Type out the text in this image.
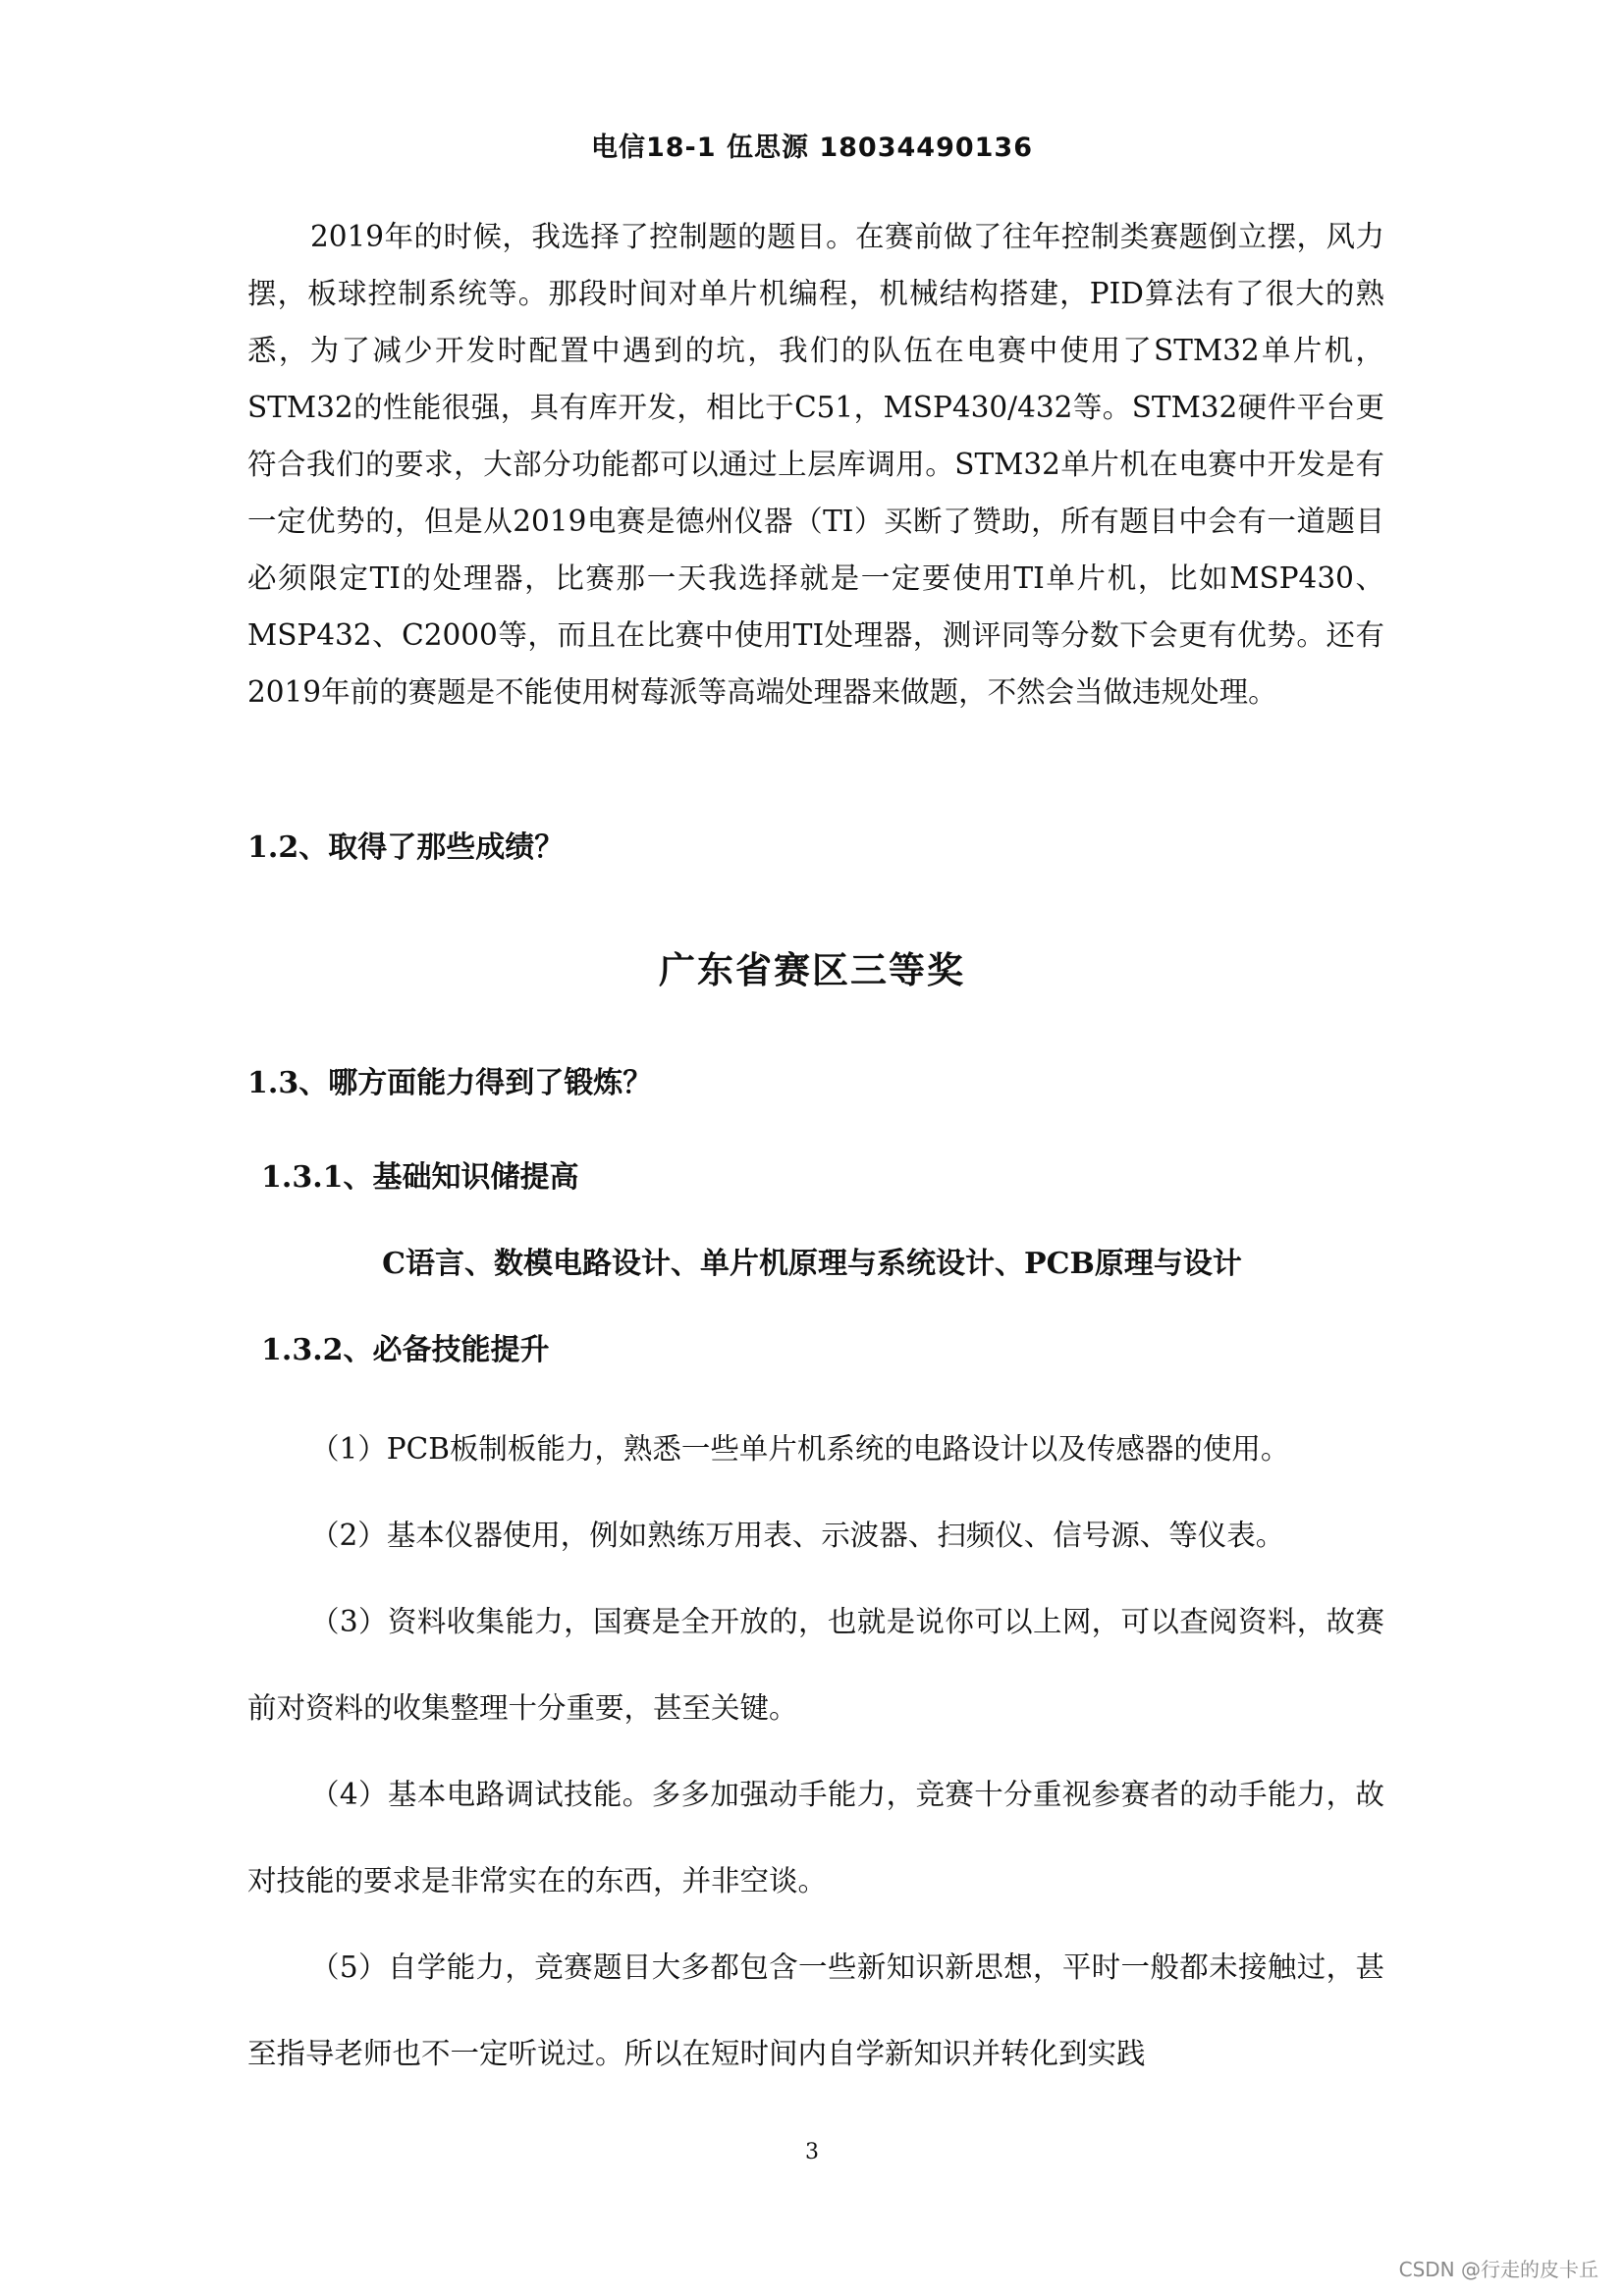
电信18-1 伍思源 18034490136

2019年的时候，我选择了控制题的题目。在赛前做了往年控制类赛题倒立摆，风力摆，板球控制系统等。那段时间对单片机编程，机械结构搭建，PID算法有了很大的熟悉，为了减少开发时配置中遇到的坑，我们的队伍在电赛中使用了STM32单片机，STM32的性能很强，具有库开发，相比于C51，MSP430/432等。STM32硬件平台更符合我们的要求，大部分功能都可以通过上层库调用。STM32单片机在电赛中开发是有一定优势的，但是从2019电赛是德州仪器（TI）买断了赞助，所有题目中会有一道题目必须限定TI的处理器，比赛那一天我选择就是一定要使用TI单片机，比如MSP430、MSP432、C2000等，而且在比赛中使用TI处理器，测评同等分数下会更有优势。还有2019年前的赛题是不能使用树莓派等高端处理器来做题，不然会当做违规处理。

1.2、取得了那些成绩？
广东省赛区三等奖
1.3、哪方面能力得到了锻炼？
1.3.1、基础知识储提高
C语言、数模电路设计、单片机原理与系统设计、PCB原理与设计
1.3.2、必备技能提升

（1）PCB板制板能力，熟悉一些单片机系统的电路设计以及传感器的使用。

（2）基本仪器使用，例如熟练万用表、示波器、扫频仪、信号源、等仪表。

（3）资料收集能力，国赛是全开放的，也就是说你可以上网，可以查阅资料，故赛前对资料的收集整理十分重要，甚至关键。

（4）基本电路调试技能。多多加强动手能力，竞赛十分重视参赛者的动手能力，故对技能的要求是非常实在的东西，并非空谈。

（5）自学能力，竞赛题目大多都包含一些新知识新思想，平时一般都未接触过，甚至指导老师也不一定听说过。所以在短时间内自学新知识并转化到实践

3
CSDN @行走的皮卡丘
